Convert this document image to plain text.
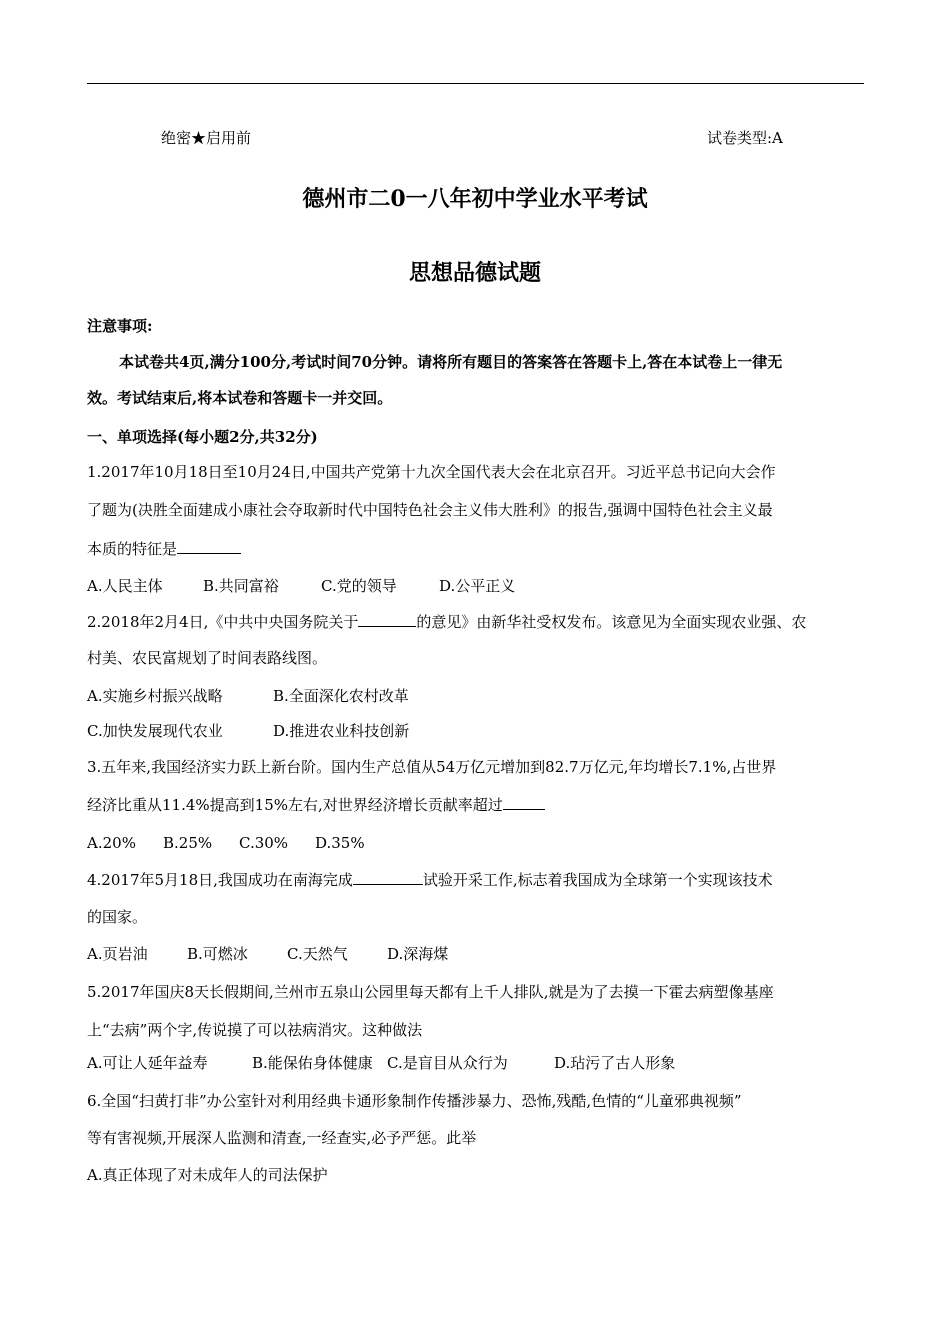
绝密★启用前	试卷类型:A
德州市二0一八年初中学业水平考试
思想品德试题
注意事项:
本试卷共4页,满分100分,考试时间70分钟。请将所有题目的答案答在答题卡上,答在本试卷上一律无
效。考试结束后,将本试卷和答题卡一并交回。
一、单项选择(每小题2分,共32分)
1.2017年10月18日至10月24日,中国共产党第十九次全国代表大会在北京召开。习近平总书记向大会作
了题为(决胜全面建成小康社会夺取新时代中国特色社会主义伟大胜利》的报告,强调中国特色社会主义最
本质的特征是
A.人民主体	B.共同富裕	C.党的领导	D.公平正义
2.2018年2月4日,《中共中央国务院关于	的意见》由新华社受权发布。该意见为全面实现农业强、农
村美、农民富规划了时间表路线图。
A.实施乡村振兴战略	B.全面深化农村改革
C.加快发展现代农业	D.推进农业科技创新
3.五年来,我国经济实力跃上新台阶。国内生产总值从54万亿元增加到82.7万亿元,年均增长7.1%,占世界
经济比重从11.4%提高到15%左右,对世界经济增长贡献率超过
A.20% B.25% C.30% D.35%
4.2017年5月18日,我国成功在南海完成	试验开采工作,标志着我国成为全球第一个实现该技术
的国家。
A.页岩油	B.可燃冰	C.天然气	D.深海煤
5.2017年国庆8天长假期间,兰州市五泉山公园里每天都有上千人排队,就是为了去摸一下霍去病塑像基座
上“去病”两个字,传说摸了可以祛病消灾。这种做法
A.可让人延年益寿	B.能保佑身体健康 C.是盲目从众行为	D.玷污了古人形象
6.全国“扫黄打非”办公室针对利用经典卡通形象制作传播涉暴力、恐怖,残酷,色情的“儿童邪典视频”
等有害视频,开展深人监测和清查,一经查实,必予严惩。此举
A.真正体现了对未成年人的司法保护
